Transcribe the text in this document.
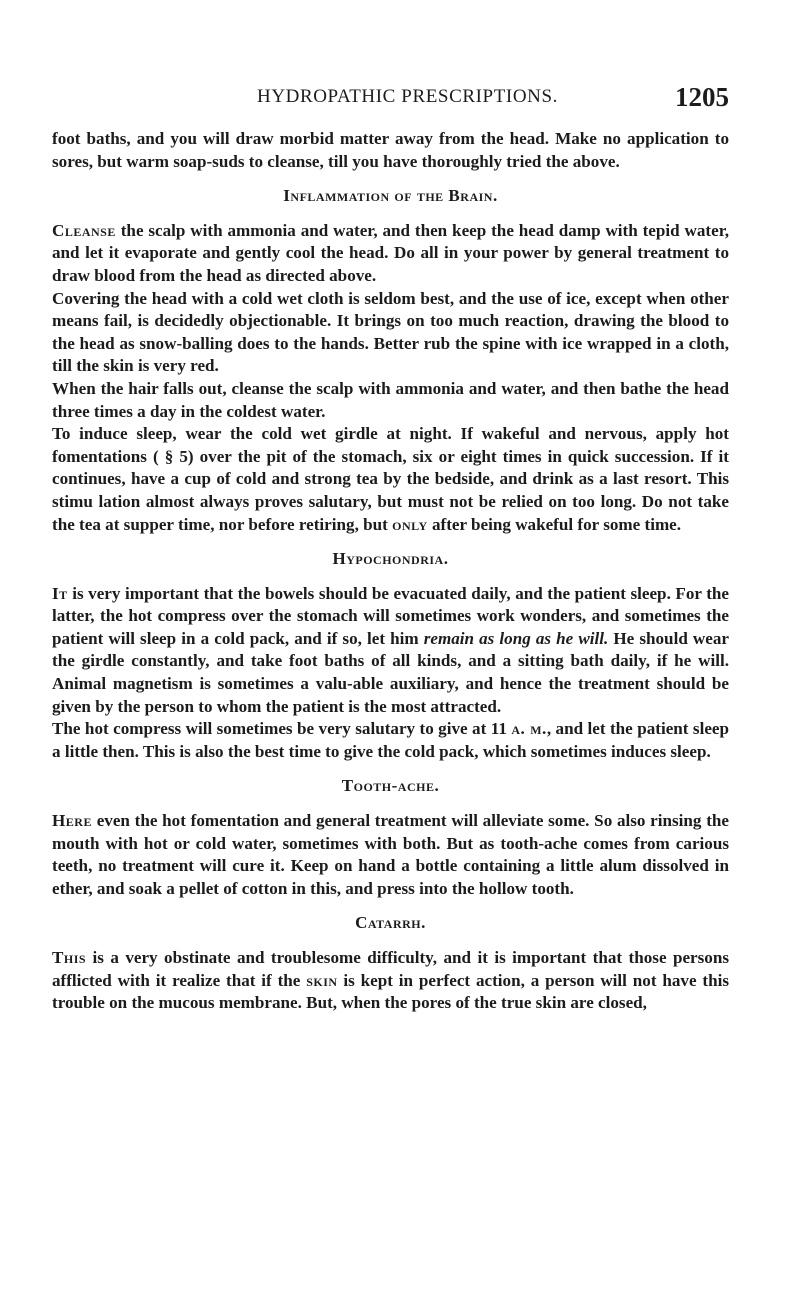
HYDROPATHIC PRESCRIPTIONS.	1205

foot baths, and you will draw morbid matter away from the head. Make no application to sores, but warm soap-suds to cleanse, till you have thoroughly tried the above.

Inflammation of the Brain.

Cleanse the scalp with ammonia and water, and then keep the head damp with tepid water, and let it evaporate and gently cool the head. Do all in your power by general treatment to draw blood from the head as directed above.

Covering the head with a cold wet cloth is seldom best, and the use of ice, except when other means fail, is decidedly objectionable. It brings on too much reaction, drawing the blood to the head as snow-balling does to the hands. Better rub the spine with ice wrapped in a cloth, till the skin is very red.

When the hair falls out, cleanse the scalp with ammonia and water, and then bathe the head three times a day in the coldest water.

To induce sleep, wear the cold wet girdle at night. If wakeful and nervous, apply hot fomentations ( § 5) over the pit of the stomach, six or eight times in quick succession. If it continues, have a cup of cold and strong tea by the bedside, and drink as a last resort. This stimu lation almost always proves salutary, but must not be relied on too long. Do not take the tea at supper time, nor before retiring, but only after being wakeful for some time.

Hypochondria.

It is very important that the bowels should be evacuated daily, and the patient sleep. For the latter, the hot compress over the stomach will sometimes work wonders, and sometimes the patient will sleep in a cold pack, and if so, let him remain as long as he will. He should wear the girdle constantly, and take foot baths of all kinds, and a sitting bath daily, if he will. Animal magnetism is sometimes a valu-able auxiliary, and hence the treatment should be given by the person to whom the patient is the most attracted.

The hot compress will sometimes be very salutary to give at 11 a. m., and let the patient sleep a little then. This is also the best time to give the cold pack, which sometimes induces sleep.

Tooth-ache.

Here even the hot fomentation and general treatment will alleviate some. So also rinsing the mouth with hot or cold water, sometimes with both. But as tooth-ache comes from carious teeth, no treatment will cure it. Keep on hand a bottle containing a little alum dissolved in ether, and soak a pellet of cotton in this, and press into the hollow tooth.

Catarrh.

This is a very obstinate and troublesome difficulty, and it is important that those persons afflicted with it realize that if the skin is kept in perfect action, a person will not have this trouble on the mucous membrane. But, when the pores of the true skin are closed,
